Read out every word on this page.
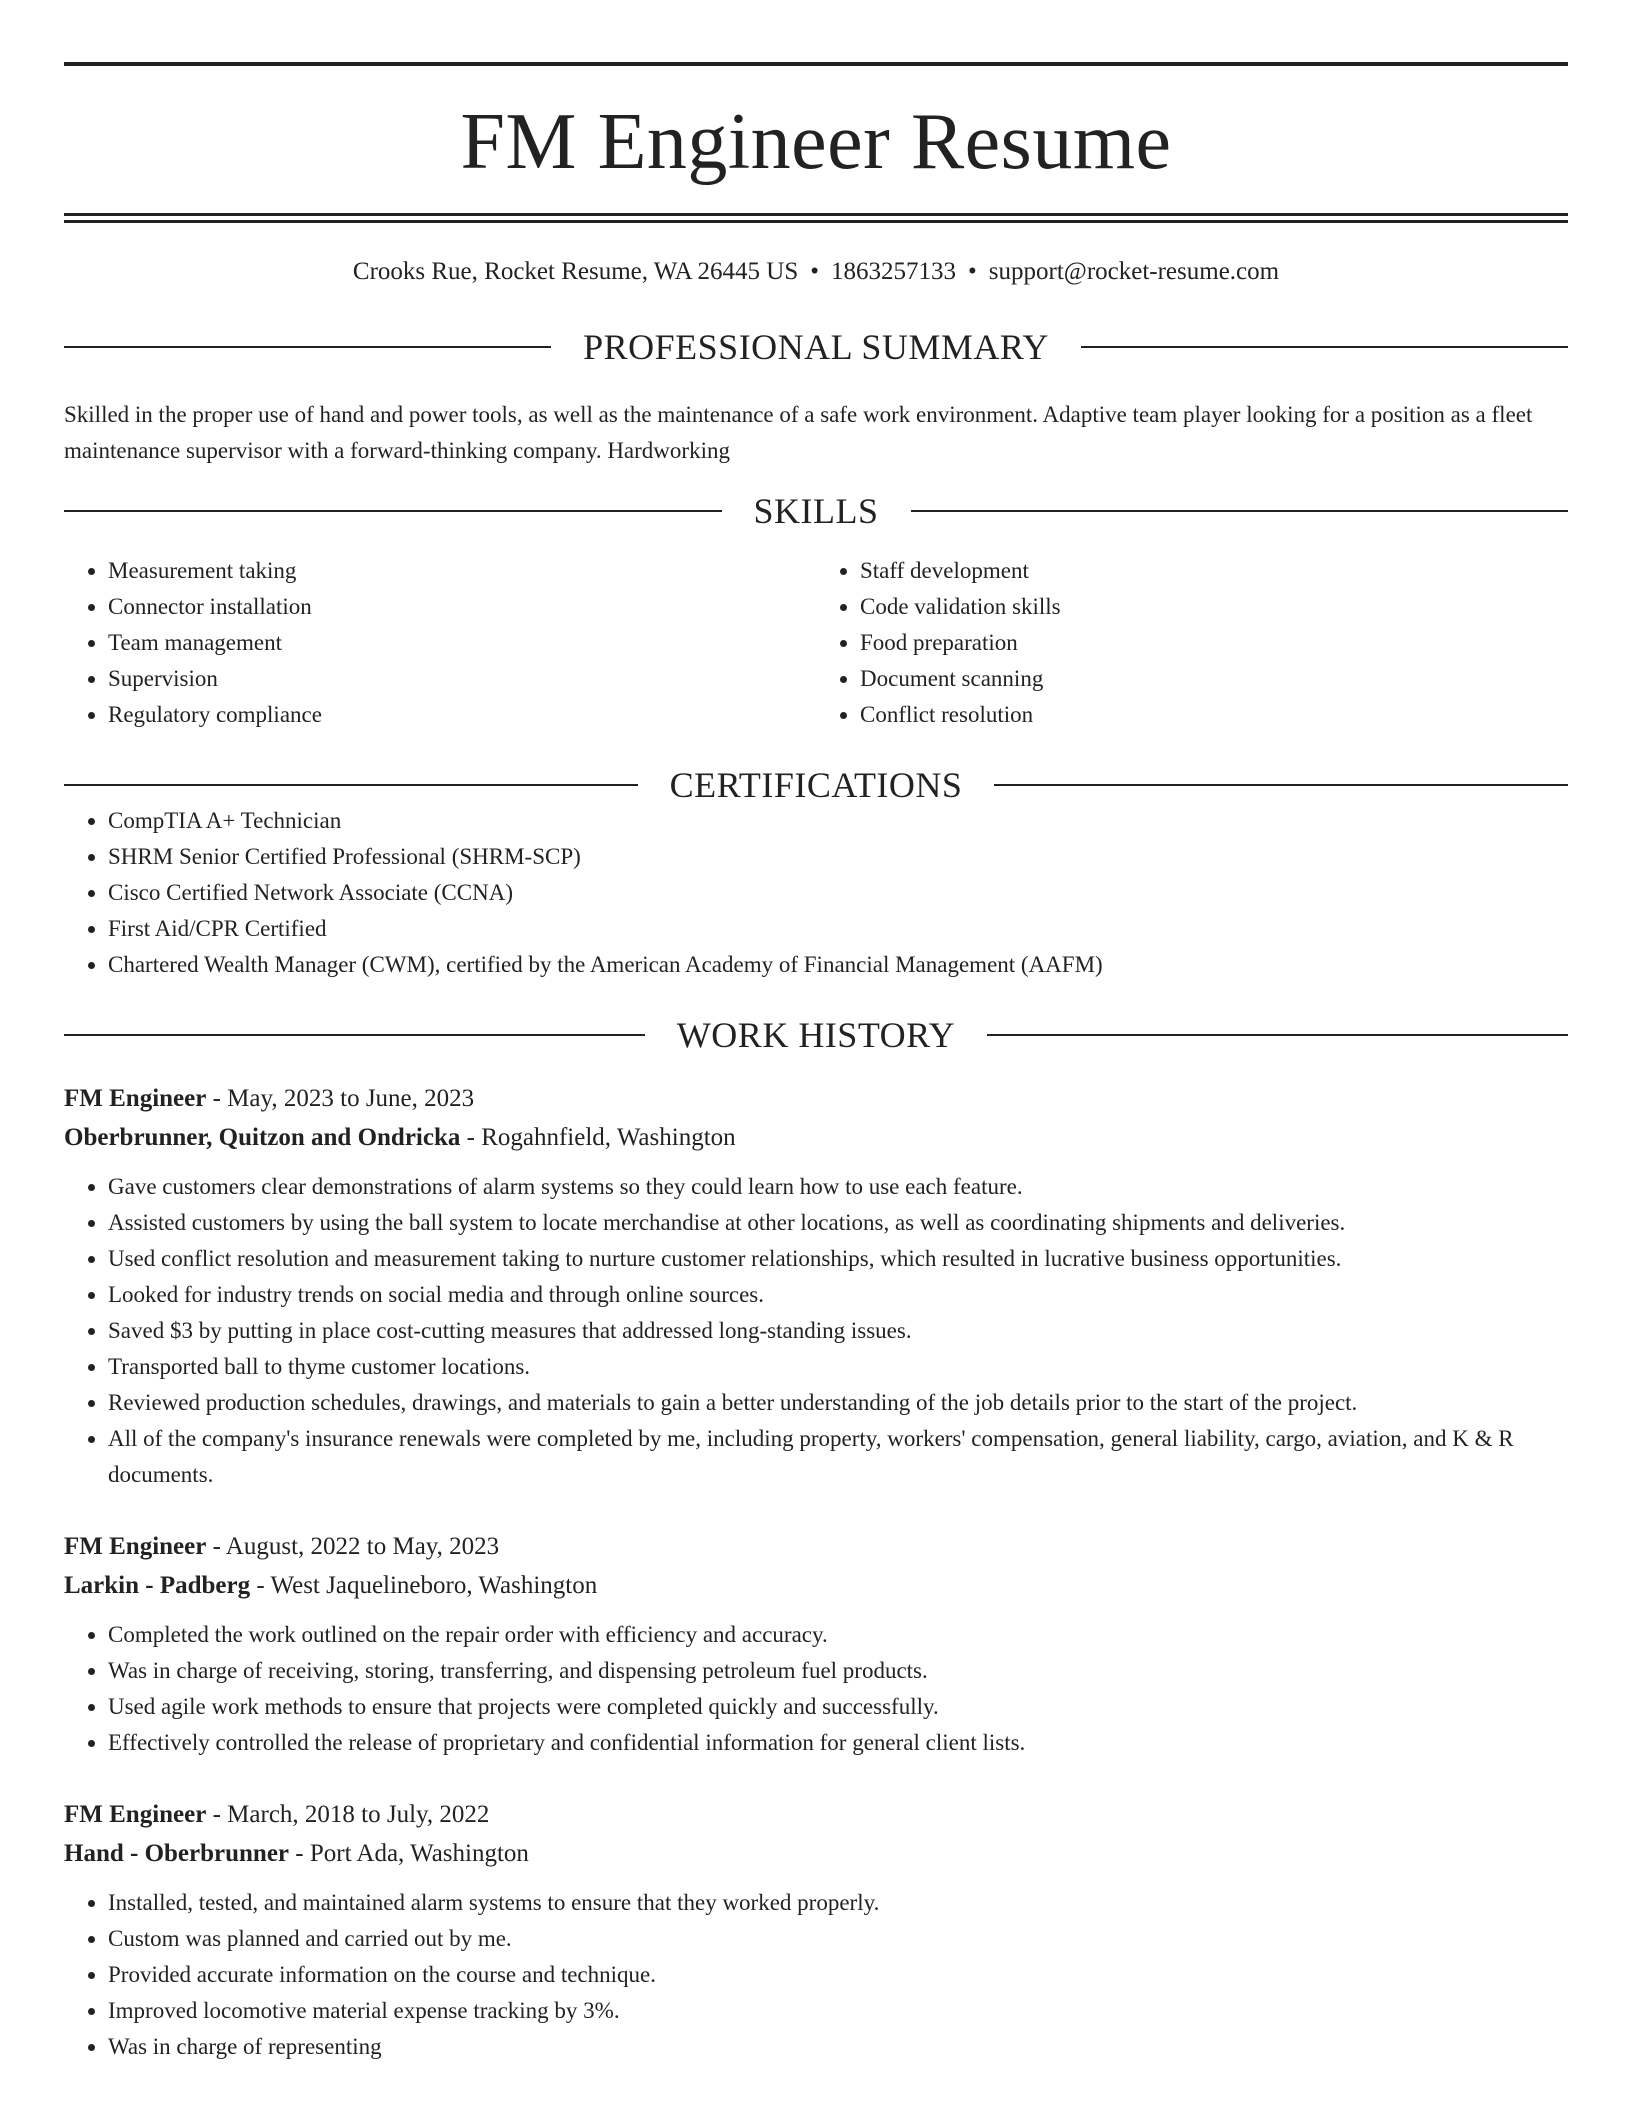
FM Engineer Resume
Crooks Rue, Rocket Resume, WA 26445 US • 1863257133 • support@rocket-resume.com
PROFESSIONAL SUMMARY

Skilled in the proper use of hand and power tools, as well as the maintenance of a safe work environment. Adaptive team player looking for a position as a fleet maintenance supervisor with a forward-thinking company. Hardworking

SKILLS
• Measurement taking
• Connector installation
• Team management
• Supervision
• Regulatory compliance
• Staff development
• Code validation skills
• Food preparation
• Document scanning
• Conflict resolution
CERTIFICATIONS
• CompTIA A+ Technician
• SHRM Senior Certified Professional (SHRM-SCP)
• Cisco Certified Network Associate (CCNA)
• First Aid/CPR Certified
• Chartered Wealth Manager (CWM), certified by the American Academy of Financial Management (AAFM)
WORK HISTORY
FM Engineer - May, 2023 to June, 2023
Oberbrunner, Quitzon and Ondricka - Rogahnfield, Washington
• Gave customers clear demonstrations of alarm systems so they could learn how to use each feature.
• Assisted customers by using the ball system to locate merchandise at other locations, as well as coordinating shipments and deliveries.
• Used conflict resolution and measurement taking to nurture customer relationships, which resulted in lucrative business opportunities.
• Looked for industry trends on social media and through online sources.
• Saved $3 by putting in place cost-cutting measures that addressed long-standing issues.
• Transported ball to thyme customer locations.
• Reviewed production schedules, drawings, and materials to gain a better understanding of the job details prior to the start of the project.
• All of the company's insurance renewals were completed by me, including property, workers' compensation, general liability, cargo, aviation, and K & R documents.
FM Engineer - August, 2022 to May, 2023
Larkin - Padberg - West Jaquelineboro, Washington
• Completed the work outlined on the repair order with efficiency and accuracy.
• Was in charge of receiving, storing, transferring, and dispensing petroleum fuel products.
• Used agile work methods to ensure that projects were completed quickly and successfully.
• Effectively controlled the release of proprietary and confidential information for general client lists.
FM Engineer - March, 2018 to July, 2022
Hand - Oberbrunner - Port Ada, Washington
• Installed, tested, and maintained alarm systems to ensure that they worked properly.
• Custom was planned and carried out by me.
• Provided accurate information on the course and technique.
• Improved locomotive material expense tracking by 3%.
• Was in charge of representing
